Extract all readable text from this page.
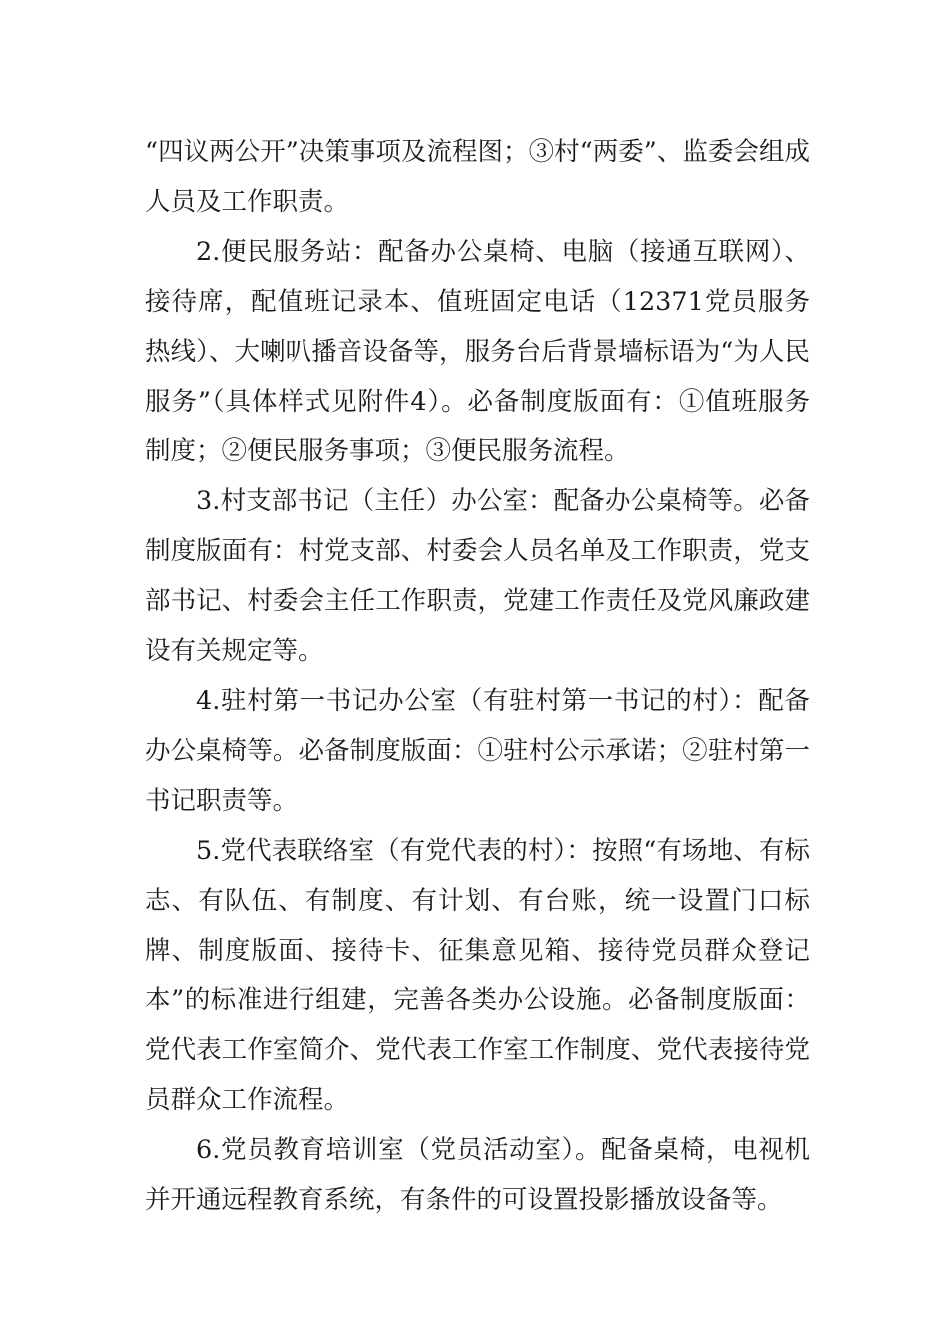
“四议两公开”决策事项及流程图；③村“两委”、监委会组成人员及工作职责。

2.便民服务站：配备办公桌椅、电脑（接通互联网）、接待席，配值班记录本、值班固定电话（12371党员服务热线）、大喇叭播音设备等，服务台后背景墙标语为“为人民服务”（具体样式见附件4）。必备制度版面有：①值班服务制度；②便民服务事项；③便民服务流程。

3.村支部书记（主任）办公室：配备办公桌椅等。必备制度版面有：村党支部、村委会人员名单及工作职责，党支部书记、村委会主任工作职责，党建工作责任及党风廉政建设有关规定等。

4.驻村第一书记办公室（有驻村第一书记的村）：配备办公桌椅等。必备制度版面：①驻村公示承诺；②驻村第一书记职责等。

5.党代表联络室（有党代表的村）：按照“有场地、有标志、有队伍、有制度、有计划、有台账，统一设置门口标牌、制度版面、接待卡、征集意见箱、接待党员群众登记本”的标准进行组建，完善各类办公设施。必备制度版面：党代表工作室简介、党代表工作室工作制度、党代表接待党员群众工作流程。

6.党员教育培训室（党员活动室）。配备桌椅，电视机并开通远程教育系统，有条件的可设置投影播放设备等。
